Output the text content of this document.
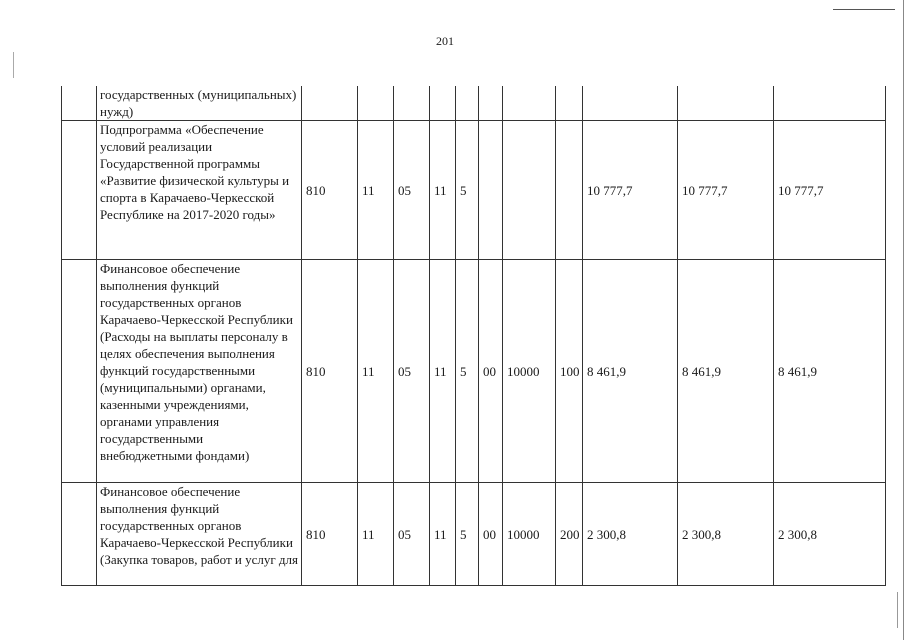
201
	государственных (муниципальных) нужд)											
	Подпрограмма «Обеспечение условий реализации Государственной программы «Развитие физической культуры и спорта в Карачаево-Черкесской Республике на 2017-2020 годы»	810	11	05	11	5				10 777,7	10 777,7	10 777,7
	Финансовое обеспечение выполнения функций государственных органов Карачаево-Черкесской Республики (Расходы на выплаты персоналу в целях обеспечения выполнения функций государственными (муниципальными) органами, казенными учреждениями, органами управления государственными внебюджетными фондами)	810	11	05	11	5	00	10000	100	8 461,9	8 461,9	8 461,9
	Финансовое обеспечение выполнения функций государственных органов Карачаево-Черкесской Республики (Закупка товаров, работ и услуг для	810	11	05	11	5	00	10000	200	2 300,8	2 300,8	2 300,8
